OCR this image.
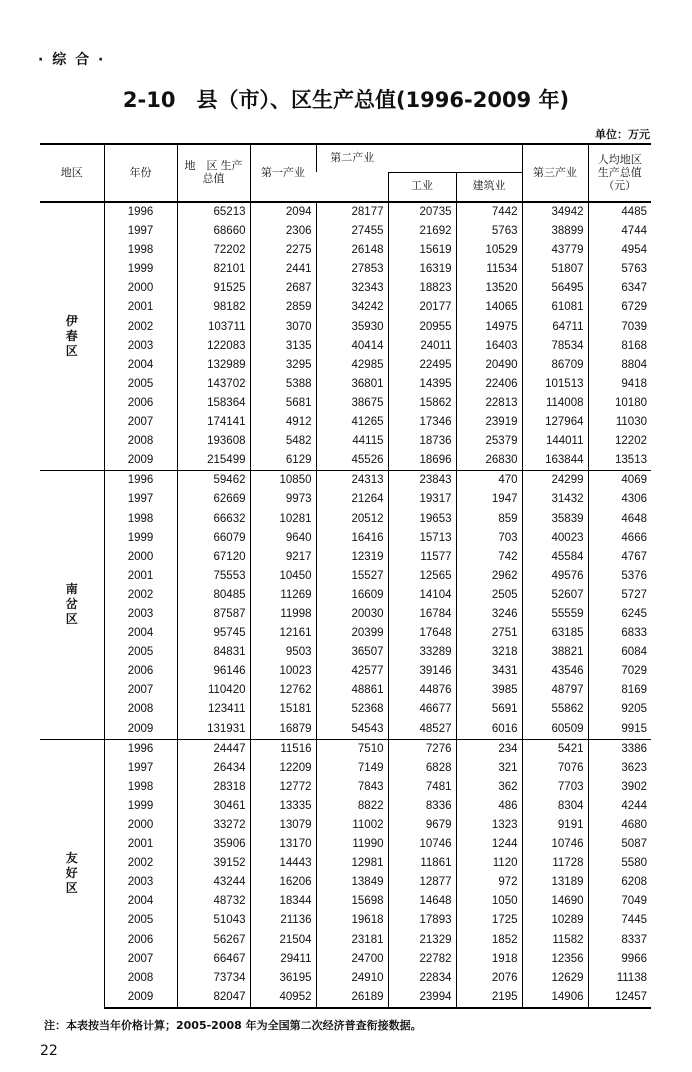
· 综 合 ·
2-10　县（市）、区生产总值(1996-2009 年)
单位：万元
地区	年份	地　区 生产总值	第一产业	第二产业			第三产业	人均地区 生产总值 （元）
					工业	建筑业		
伊春区	1996	65213	2094	28177	20735	7442	34942	4485
	1997	68660	2306	27455	21692	5763	38899	4744
	1998	72202	2275	26148	15619	10529	43779	4954
	1999	82101	2441	27853	16319	11534	51807	5763
	2000	91525	2687	32343	18823	13520	56495	6347
	2001	98182	2859	34242	20177	14065	61081	6729
	2002	103711	3070	35930	20955	14975	64711	7039
	2003	122083	3135	40414	24011	16403	78534	8168
	2004	132989	3295	42985	22495	20490	86709	8804
	2005	143702	5388	36801	14395	22406	101513	9418
	2006	158364	5681	38675	15862	22813	114008	10180
	2007	174141	4912	41265	17346	23919	127964	11030
	2008	193608	5482	44115	18736	25379	144011	12202
	2009	215499	6129	45526	18696	26830	163844	13513
南岔区	1996	59462	10850	24313	23843	470	24299	4069
	1997	62669	9973	21264	19317	1947	31432	4306
	1998	66632	10281	20512	19653	859	35839	4648
	1999	66079	9640	16416	15713	703	40023	4666
	2000	67120	9217	12319	11577	742	45584	4767
	2001	75553	10450	15527	12565	2962	49576	5376
	2002	80485	11269	16609	14104	2505	52607	5727
	2003	87587	11998	20030	16784	3246	55559	6245
	2004	95745	12161	20399	17648	2751	63185	6833
	2005	84831	9503	36507	33289	3218	38821	6084
	2006	96146	10023	42577	39146	3431	43546	7029
	2007	110420	12762	48861	44876	3985	48797	8169
	2008	123411	15181	52368	46677	5691	55862	9205
	2009	131931	16879	54543	48527	6016	60509	9915
友好区	1996	24447	11516	7510	7276	234	5421	3386
	1997	26434	12209	7149	6828	321	7076	3623
	1998	28318	12772	7843	7481	362	7703	3902
	1999	30461	13335	8822	8336	486	8304	4244
	2000	33272	13079	11002	9679	1323	9191	4680
	2001	35906	13170	11990	10746	1244	10746	5087
	2002	39152	14443	12981	11861	1120	11728	5580
	2003	43244	16206	13849	12877	972	13189	6208
	2004	48732	18344	15698	14648	1050	14690	7049
	2005	51043	21136	19618	17893	1725	10289	7445
	2006	56267	21504	23181	21329	1852	11582	8337
	2007	66467	29411	24700	22782	1918	12356	9966
	2008	73734	36195	24910	22834	2076	12629	11138
	2009	82047	40952	26189	23994	2195	14906	12457
注：本表按当年价格计算；2005-2008 年为全国第二次经济普查衔接数据。
22
